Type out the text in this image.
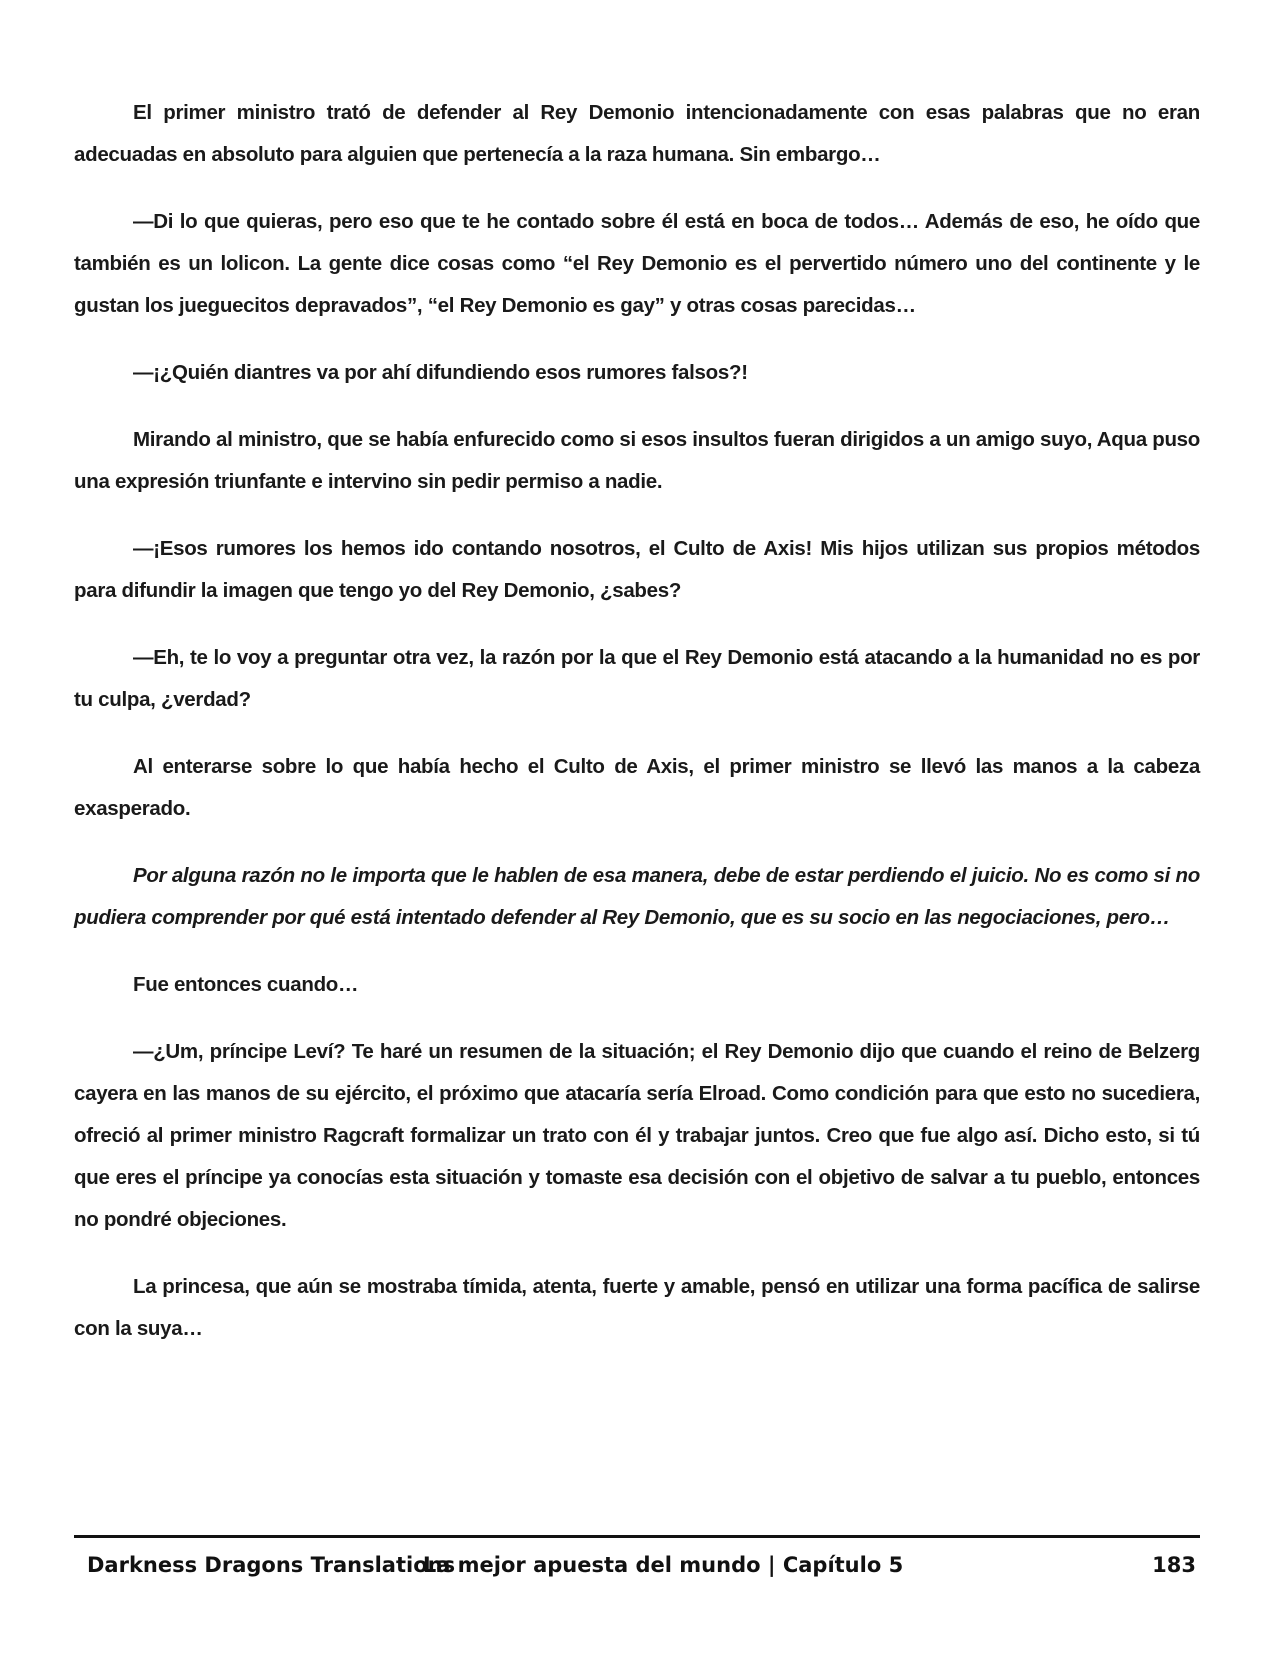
El primer ministro trató de defender al Rey Demonio intencionadamente con esas palabras que no eran adecuadas en absoluto para alguien que pertenecía a la raza humana. Sin embargo…

—Di lo que quieras, pero eso que te he contado sobre él está en boca de todos… Además de eso, he oído que también es un lolicon. La gente dice cosas como “el Rey Demonio es el pervertido número uno del continente y le gustan los jueguecitos depravados”, “el Rey Demonio es gay” y otras cosas parecidas…

—¡¿Quién diantres va por ahí difundiendo esos rumores falsos?!

Mirando al ministro, que se había enfurecido como si esos insultos fueran dirigidos a un amigo suyo, Aqua puso una expresión triunfante e intervino sin pedir permiso a nadie.

—¡Esos rumores los hemos ido contando nosotros, el Culto de Axis! Mis hijos utilizan sus propios métodos para difundir la imagen que tengo yo del Rey Demonio, ¿sabes?

—Eh, te lo voy a preguntar otra vez, la razón por la que el Rey Demonio está atacando a la humanidad no es por tu culpa, ¿verdad?

Al enterarse sobre lo que había hecho el Culto de Axis, el primer ministro se llevó las manos a la cabeza exasperado.

Por alguna razón no le importa que le hablen de esa manera, debe de estar perdiendo el juicio. No es como si no pudiera comprender por qué está intentado defender al Rey Demonio, que es su socio en las negociaciones, pero…

Fue entonces cuando…

—¿Um, príncipe Leví? Te haré un resumen de la situación; el Rey Demonio dijo que cuando el reino de Belzerg cayera en las manos de su ejército, el próximo que atacaría sería Elroad. Como condición para que esto no sucediera, ofreció al primer ministro Ragcraft formalizar un trato con él y trabajar juntos. Creo que fue algo así. Dicho esto, si tú que eres el príncipe ya conocías esta situación y tomaste esa decisión con el objetivo de salvar a tu pueblo, entonces no pondré objeciones.

La princesa, que aún se mostraba tímida, atenta, fuerte y amable, pensó en utilizar una forma pacífica de salirse con la suya…

Darkness Dragons Translations
La mejor apuesta del mundo | Capítulo 5	183
